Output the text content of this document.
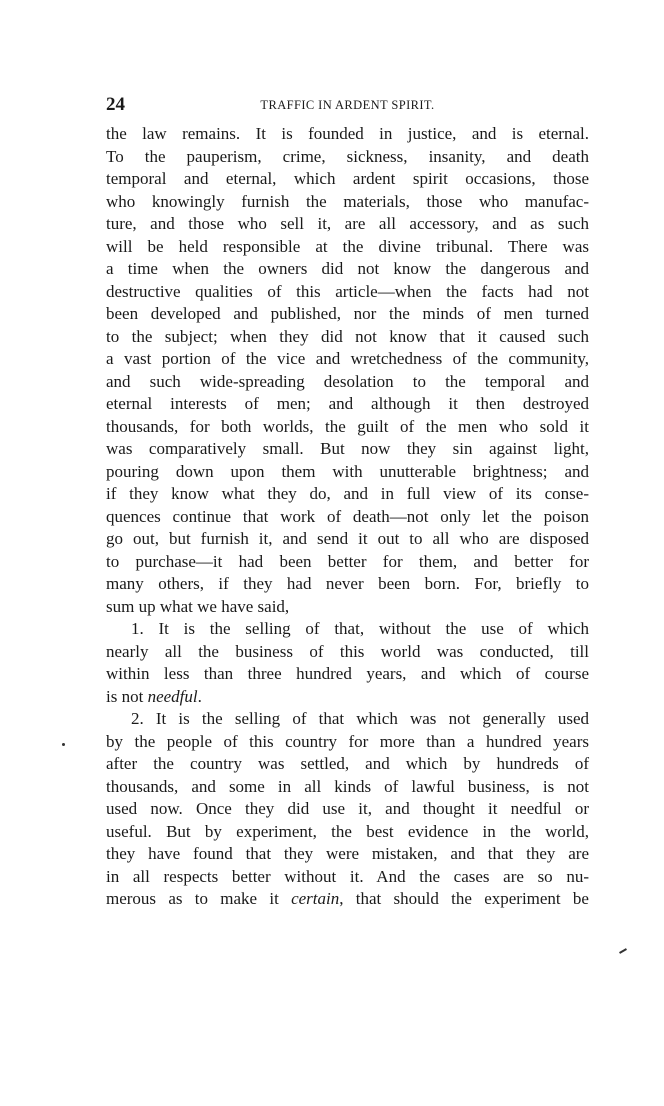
24	TRAFFIC IN ARDENT SPIRIT.
the law remains. It is founded in justice, and is eternal.
To the pauperism, crime, sickness, insanity, and death
temporal and eternal, which ardent spirit occasions, those
who knowingly furnish the materials, those who manufac-
ture, and those who sell it, are all accessory, and as such
will be held responsible at the divine tribunal. There was
a time when the owners did not know the dangerous and
destructive qualities of this article—when the facts had not
been developed and published, nor the minds of men turned
to the subject; when they did not know that it caused such
a vast portion of the vice and wretchedness of the community,
and such wide-spreading desolation to the temporal and
eternal interests of men; and although it then destroyed
thousands, for both worlds, the guilt of the men who sold it
was comparatively small. But now they sin against light,
pouring down upon them with unutterable brightness; and
if they know what they do, and in full view of its conse-
quences continue that work of death—not only let the poison
go out, but furnish it, and send it out to all who are disposed
to purchase—it had been better for them, and better for
many others, if they had never been born. For, briefly to
sum up what we have said,
1. It is the selling of that, without the use of which
nearly all the business of this world was conducted, till
within less than three hundred years, and which of course
is not needful.
2. It is the selling of that which was not generally used
by the people of this country for more than a hundred years
after the country was settled, and which by hundreds of
thousands, and some in all kinds of lawful business, is not
used now. Once they did use it, and thought it needful or
useful. But by experiment, the best evidence in the world,
they have found that they were mistaken, and that they are
in all respects better without it. And the cases are so nu-
merous as to make it certain, that should the experiment be
